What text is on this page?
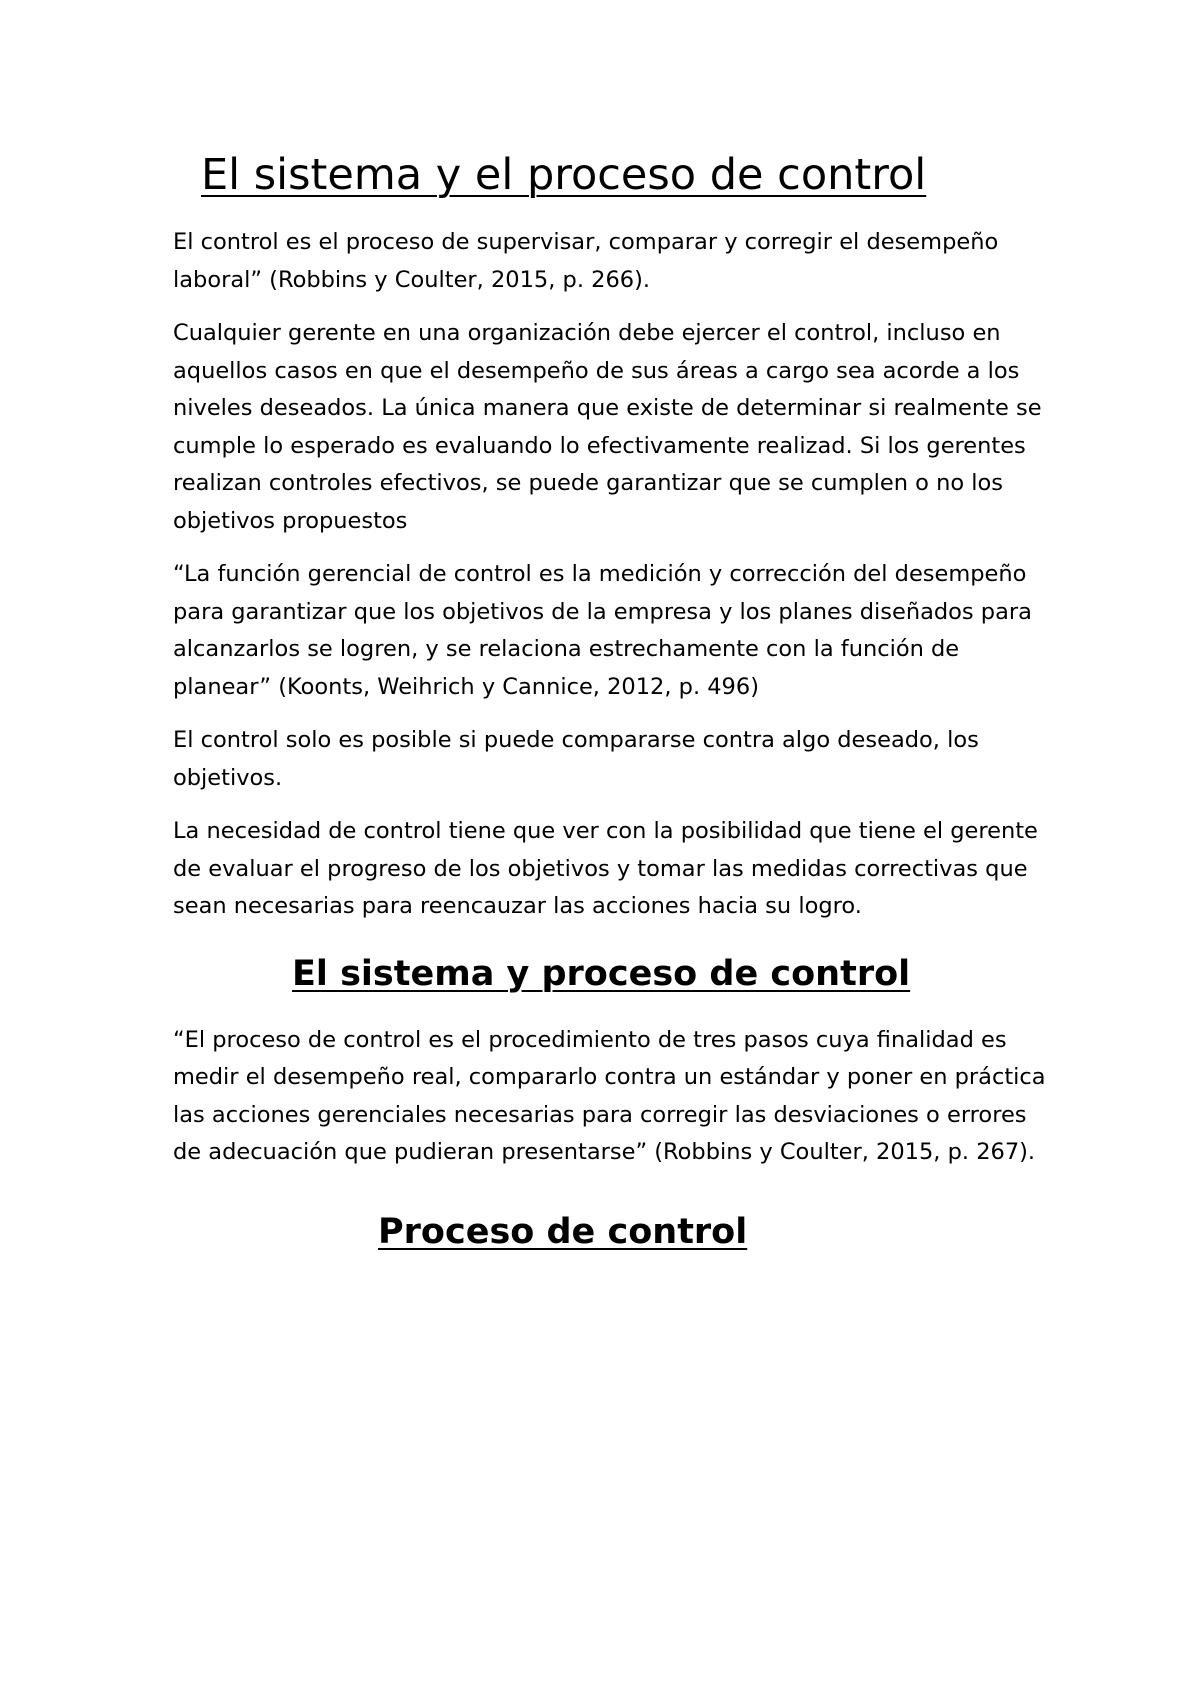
El sistema y el proceso de control

El control es el proceso de supervisar, comparar y corregir el desempeño laboral” (Robbins y Coulter, 2015, p. 266).

Cualquier gerente en una organización debe ejercer el control, incluso en aquellos casos en que el desempeño de sus áreas a cargo sea acorde a los niveles deseados. La única manera que existe de determinar si realmente se cumple lo esperado es evaluando lo efectivamente realizad. Si los gerentes realizan controles efectivos, se puede garantizar que se cumplen o no los objetivos propuestos

“La función gerencial de control es la medición y corrección del desempeño para garantizar que los objetivos de la empresa y los planes diseñados para alcanzarlos se logren, y se relaciona estrechamente con la función de planear” (Koonts, Weihrich y Cannice, 2012, p. 496)

El control solo es posible si puede compararse contra algo deseado, los objetivos.

La necesidad de control tiene que ver con la posibilidad que tiene el gerente de evaluar el progreso de los objetivos y tomar las medidas correctivas que sean necesarias para reencauzar las acciones hacia su logro.

El sistema y proceso de control

“El proceso de control es el procedimiento de tres pasos cuya finalidad es medir el desempeño real, compararlo contra un estándar y poner en práctica las acciones gerenciales necesarias para corregir las desviaciones o errores de adecuación que pudieran presentarse” (Robbins y Coulter, 2015, p. 267).

Proceso de control
